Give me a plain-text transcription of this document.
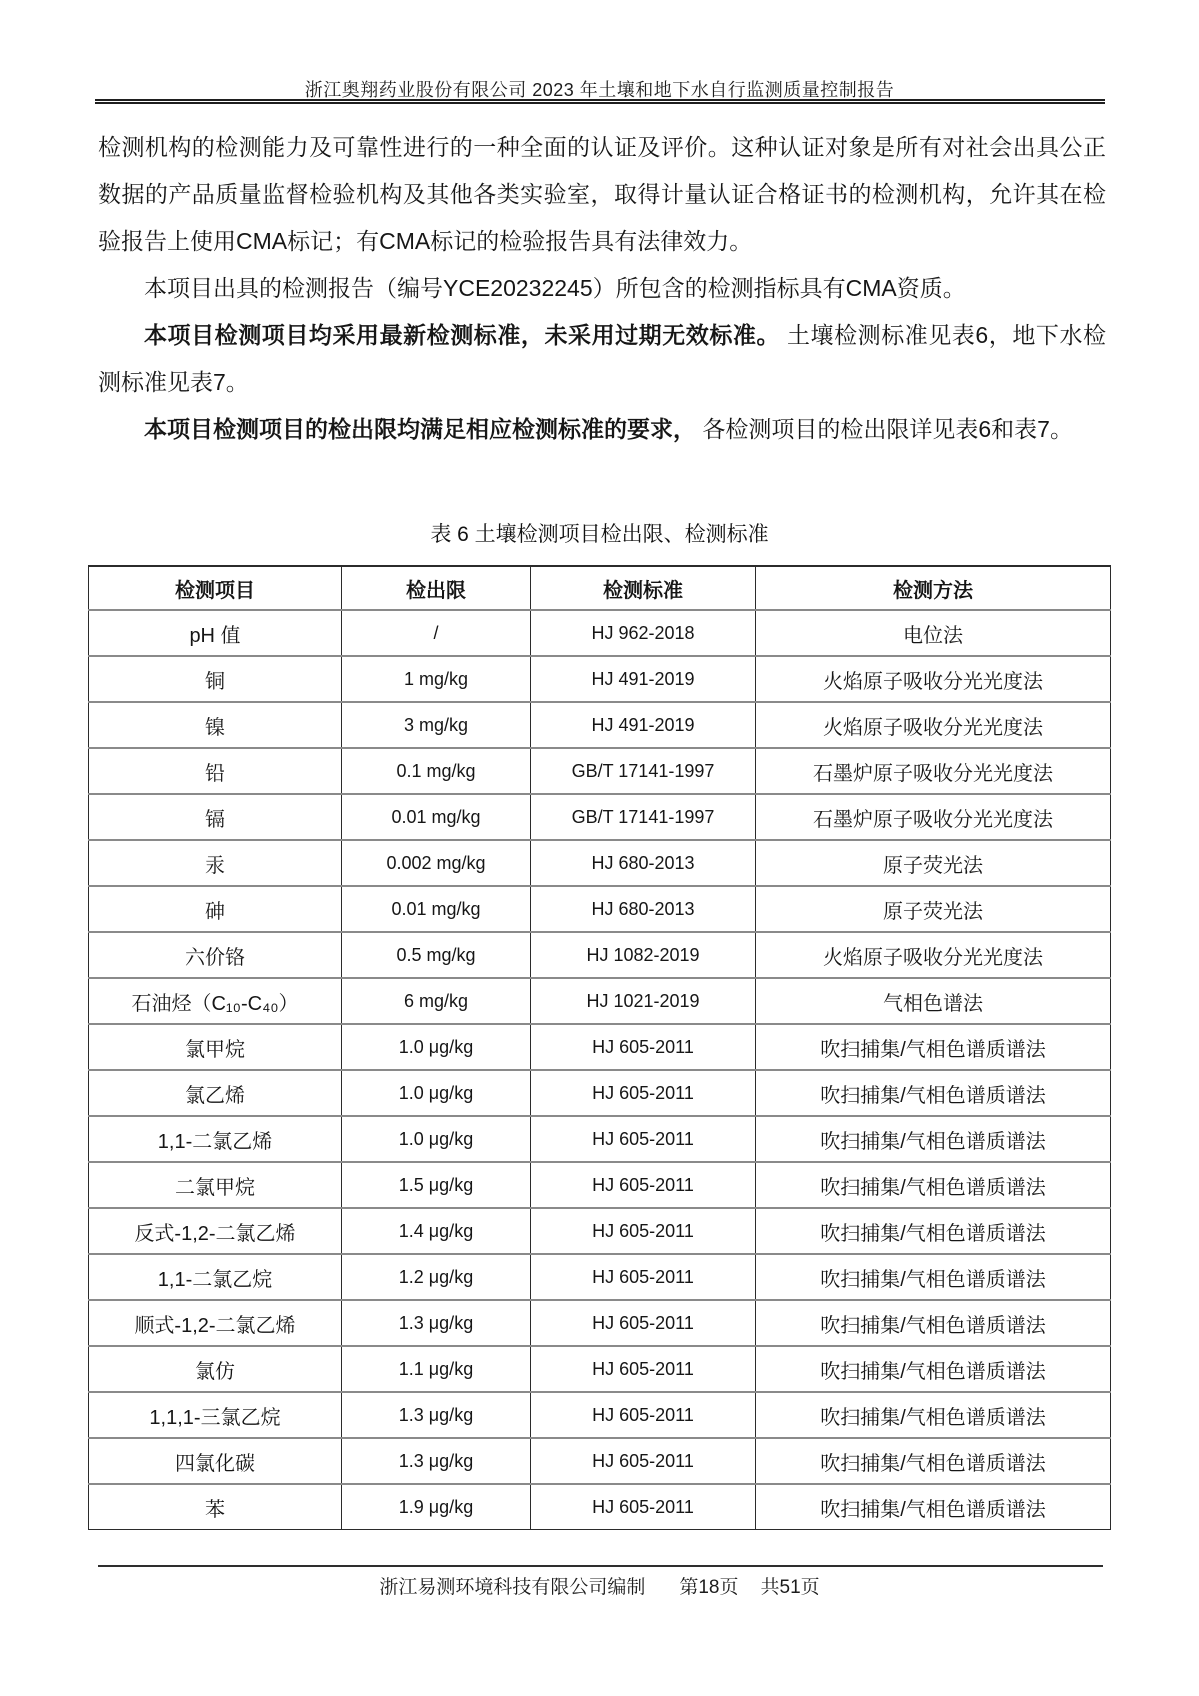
浙江奥翔药业股份有限公司 2023 年土壤和地下水自行监测质量控制报告

检测机构的检测能力及可靠性进行的一种全面的认证及评价。这种认证对象是所有对社会出具公正数据的产品质量监督检验机构及其他各类实验室，取得计量认证合格证书的检测机构，允许其在检验报告上使用CMA标记；有CMA标记的检验报告具有法律效力。

本项目出具的检测报告（编号YCE20232245）所包含的检测指标具有CMA资质。

本项目检测项目均采用最新检测标准，未采用过期无效标准。 土壤检测标准见表6，地下水检测标准见表7。

本项目检测项目的检出限均满足相应检测标准的要求， 各检测项目的检出限详见表6和表7。

表 6 土壤检测项目检出限、检测标准
检测项目	检出限	检测标准	检测方法
pH 值	/	HJ 962-2018	电位法
铜	1 mg/kg	HJ 491-2019	火焰原子吸收分光光度法
镍	3 mg/kg	HJ 491-2019	火焰原子吸收分光光度法
铅	0.1 mg/kg	GB/T 17141-1997	石墨炉原子吸收分光光度法
镉	0.01 mg/kg	GB/T 17141-1997	石墨炉原子吸收分光光度法
汞	0.002 mg/kg	HJ 680-2013	原子荧光法
砷	0.01 mg/kg	HJ 680-2013	原子荧光法
六价铬	0.5 mg/kg	HJ 1082-2019	火焰原子吸收分光光度法
石油烃（C₁₀-C₄₀）	6 mg/kg	HJ 1021-2019	气相色谱法
氯甲烷	1.0 μg/kg	HJ 605-2011	吹扫捕集/气相色谱质谱法
氯乙烯	1.0 μg/kg	HJ 605-2011	吹扫捕集/气相色谱质谱法
1,1-二氯乙烯	1.0 μg/kg	HJ 605-2011	吹扫捕集/气相色谱质谱法
二氯甲烷	1.5 μg/kg	HJ 605-2011	吹扫捕集/气相色谱质谱法
反式-1,2-二氯乙烯	1.4 μg/kg	HJ 605-2011	吹扫捕集/气相色谱质谱法
1,1-二氯乙烷	1.2 μg/kg	HJ 605-2011	吹扫捕集/气相色谱质谱法
顺式-1,2-二氯乙烯	1.3 μg/kg	HJ 605-2011	吹扫捕集/气相色谱质谱法
氯仿	1.1 μg/kg	HJ 605-2011	吹扫捕集/气相色谱质谱法
1,1,1-三氯乙烷	1.3 μg/kg	HJ 605-2011	吹扫捕集/气相色谱质谱法
四氯化碳	1.3 μg/kg	HJ 605-2011	吹扫捕集/气相色谱质谱法
苯	1.9 μg/kg	HJ 605-2011	吹扫捕集/气相色谱质谱法
浙江易测环境科技有限公司编制 第18页 共51页
